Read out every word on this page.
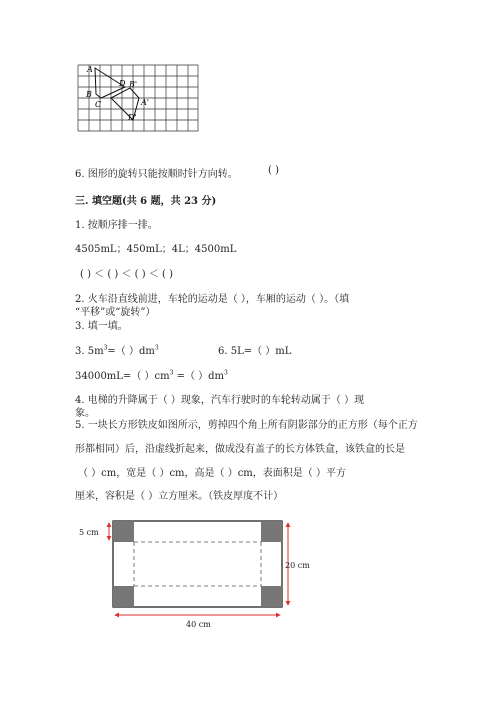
A
B
C
D B'
A'
D'
6. 图形的旋转只能按顺时针方向转。	( )
三. 填空题(共 6 题，共 23 分)
1. 按顺序排一排。
4505mL；450mL；4L；4500mL
( ) ＜ ( ) ＜ ( ) ＜ ( )
2. 火车沿直线前进，车轮的运动是（ ），车厢的运动（ ）。（填
“平移”或“旋转”）
3. 填一填。
3. $5m^3=$（ ）$dm^3$	6. 5L=（ ）mL
34000mL=（ ）$cm^3$ =（ ）$dm^3$
4. 电梯的升降属于（ ）现象，汽车行驶时的车轮转动属于（ ）现
象。
5. 一块长方形铁皮如图所示，剪掉四个角上所有阴影部分的正方形（每个正方
形都相同）后，沿虚线折起来，做成没有盖子的长方体铁盒，该铁盒的长是
（ ）cm，宽是（ ）cm，高是（ ）cm，表面积是（ ）平方
厘米，容积是（ ）立方厘米。（铁皮厚度不计）
5 cm
20 cm
40 cm
